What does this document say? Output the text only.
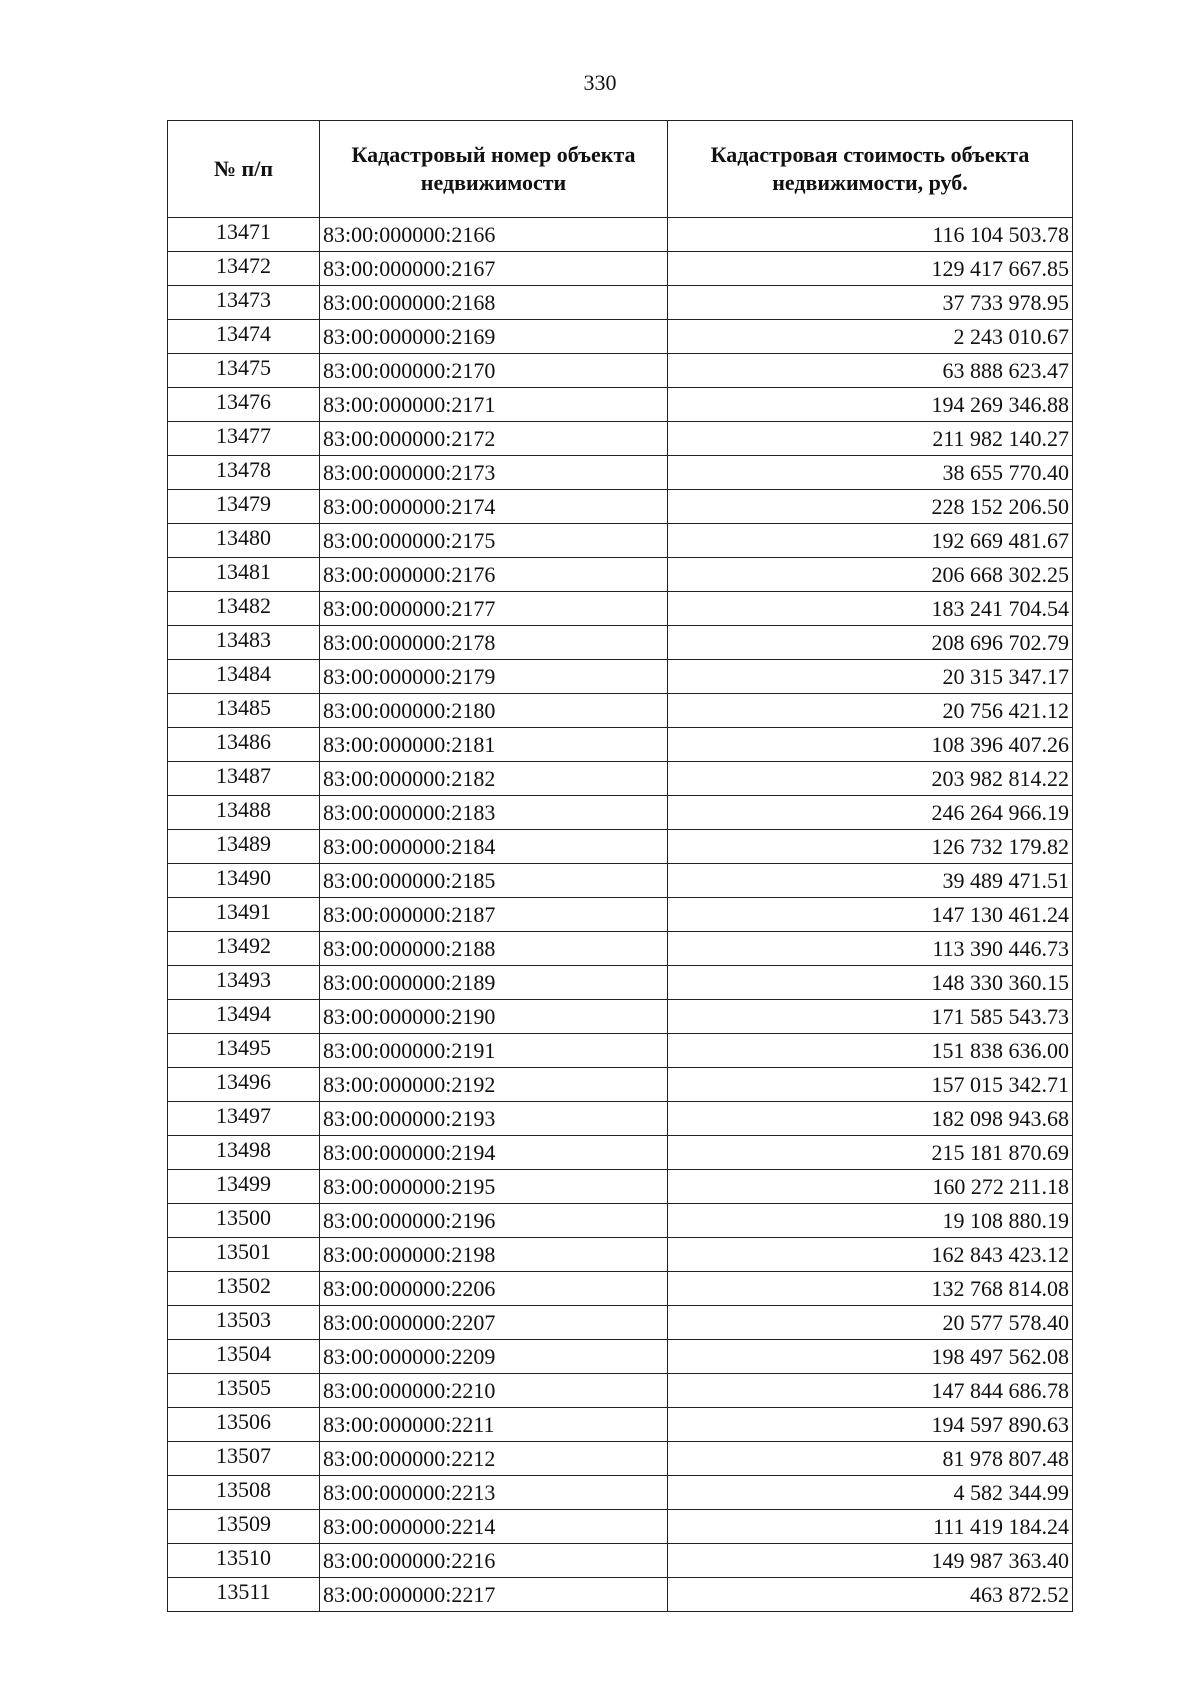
330
№ п/п	Кадастровый номер объекта недвижимости	Кадастровая стоимость объекта недвижимости, руб.
13471	83:00:000000:2166	116 104 503.78
13472	83:00:000000:2167	129 417 667.85
13473	83:00:000000:2168	37 733 978.95
13474	83:00:000000:2169	2 243 010.67
13475	83:00:000000:2170	63 888 623.47
13476	83:00:000000:2171	194 269 346.88
13477	83:00:000000:2172	211 982 140.27
13478	83:00:000000:2173	38 655 770.40
13479	83:00:000000:2174	228 152 206.50
13480	83:00:000000:2175	192 669 481.67
13481	83:00:000000:2176	206 668 302.25
13482	83:00:000000:2177	183 241 704.54
13483	83:00:000000:2178	208 696 702.79
13484	83:00:000000:2179	20 315 347.17
13485	83:00:000000:2180	20 756 421.12
13486	83:00:000000:2181	108 396 407.26
13487	83:00:000000:2182	203 982 814.22
13488	83:00:000000:2183	246 264 966.19
13489	83:00:000000:2184	126 732 179.82
13490	83:00:000000:2185	39 489 471.51
13491	83:00:000000:2187	147 130 461.24
13492	83:00:000000:2188	113 390 446.73
13493	83:00:000000:2189	148 330 360.15
13494	83:00:000000:2190	171 585 543.73
13495	83:00:000000:2191	151 838 636.00
13496	83:00:000000:2192	157 015 342.71
13497	83:00:000000:2193	182 098 943.68
13498	83:00:000000:2194	215 181 870.69
13499	83:00:000000:2195	160 272 211.18
13500	83:00:000000:2196	19 108 880.19
13501	83:00:000000:2198	162 843 423.12
13502	83:00:000000:2206	132 768 814.08
13503	83:00:000000:2207	20 577 578.40
13504	83:00:000000:2209	198 497 562.08
13505	83:00:000000:2210	147 844 686.78
13506	83:00:000000:2211	194 597 890.63
13507	83:00:000000:2212	81 978 807.48
13508	83:00:000000:2213	4 582 344.99
13509	83:00:000000:2214	111 419 184.24
13510	83:00:000000:2216	149 987 363.40
13511	83:00:000000:2217	463 872.52
